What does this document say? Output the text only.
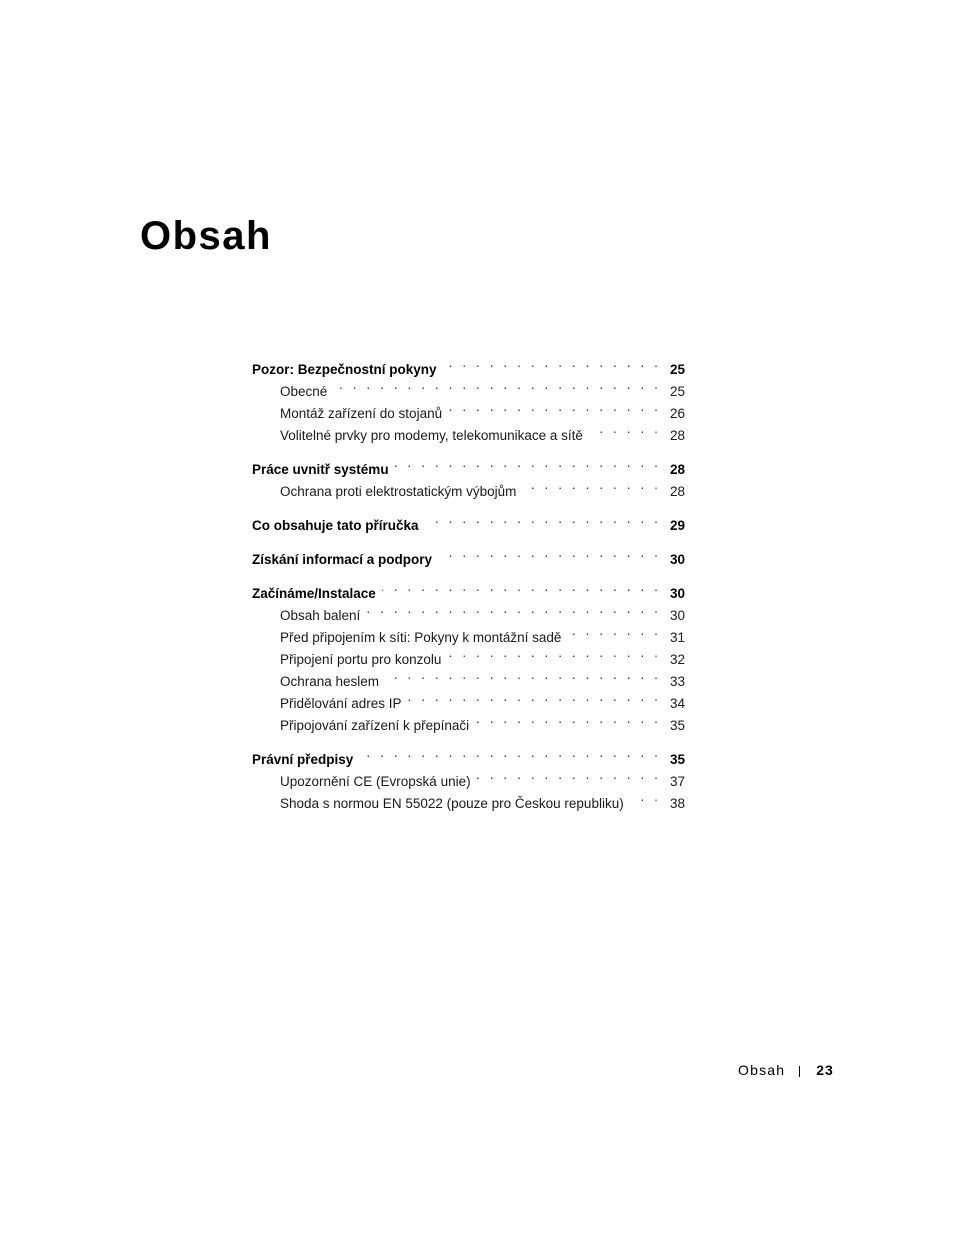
Obsah
Pozor: Bezpečnostní pokyny . . .	25
Obecné . . .	25
Montáž zařízení do stojanů . . .	26
Volitelné prvky pro modemy, telekomunikace a sítě . . .	28
Práce uvnitř systému . . .	28
Ochrana proti elektrostatickým výbojům . . .	28
Co obsahuje tato příručka . . .	29
Získání informací a podpory . . .	30
Začínáme/Instalace . . .	30
Obsah balení . . .	30
Před připojením k síti: Pokyny k montážní sadě . . .	31
Připojení portu pro konzolu . . .	32
Ochrana heslem . . .	33
Přidělování adres IP . . .	34
Připojování zařízení k přepínači . . .	35
Právní předpisy . . .	35
Upozornění CE (Evropská unie) . . .	37
Shoda s normou EN 55022 (pouze pro Českou republiku) . . .	38
Obsah 23
